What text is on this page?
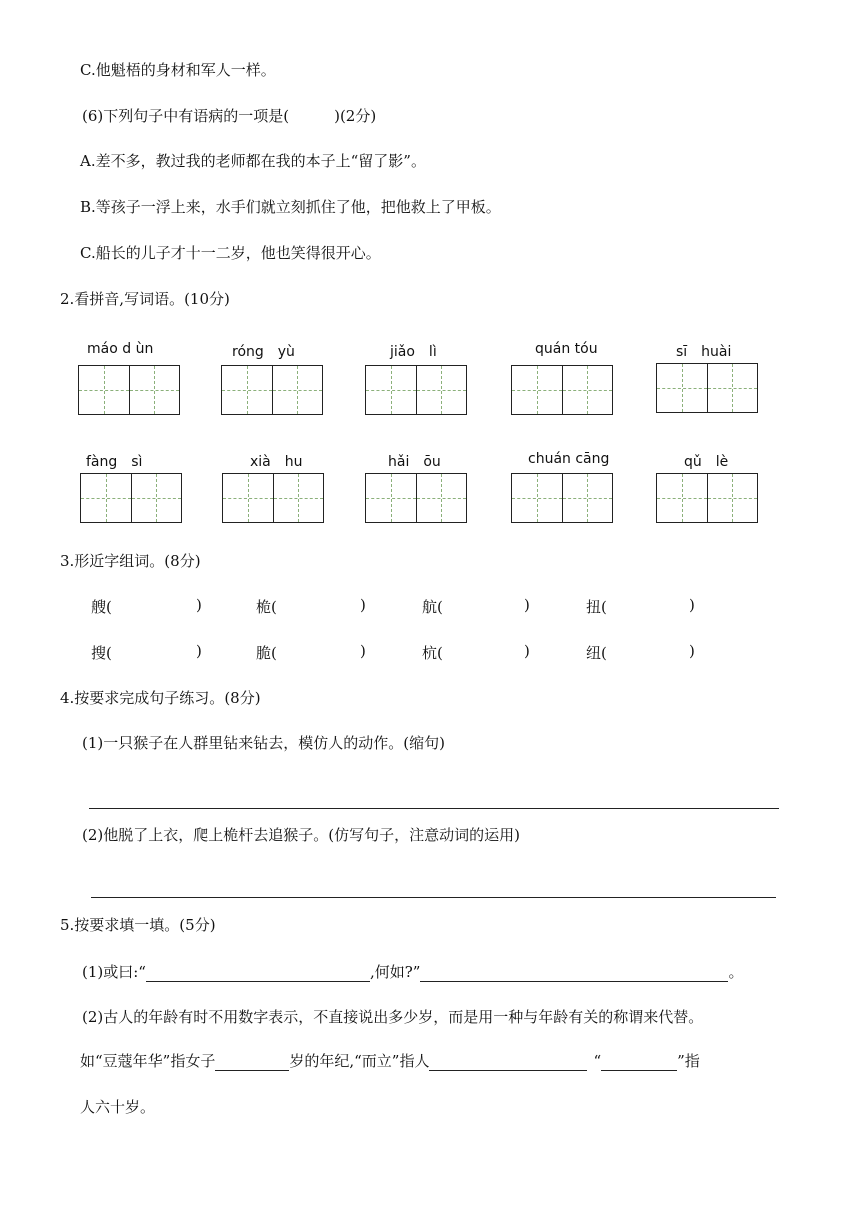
C.他魁梧的身材和军人一样。
(6)下列句子中有语病的一项是(　　　)(2分)
A.差不多，教过我的老师都在我的本子上“留了影”。
B.等孩子一浮上来，水手们就立刻抓住了他，把他救上了甲板。
C.船长的儿子才十一二岁，他也笑得很开心。
2.看拼音,写词语。(10分)
máo d ùn	róng　yù	jiǎo　lì	quán tóu	sī　huài
fàng　sì	xià　hu	hǎi　ōu	chuán cāng	qǔ　lè
3.形近字组词。(8分)
艘(	)	桅(	)	航(	)	扭(	)
搜(	)	脆(	)	杭(	)	纽(	)
4.按要求完成句子练习。(8分)
(1)一只猴子在人群里钻来钻去，模仿人的动作。(缩句)
(2)他脱了上衣，爬上桅杆去追猴子。(仿写句子，注意动词的运用)
5.按要求填一填。(5分)
(1)或曰:“	,何如?”	。
(2)古人的年龄有时不用数字表示，不直接说出多少岁，而是用一种与年龄有关的称谓来代替。
如“豆蔻年华”指女子	岁的年纪,“而立”指人	“	”指
人六十岁。
